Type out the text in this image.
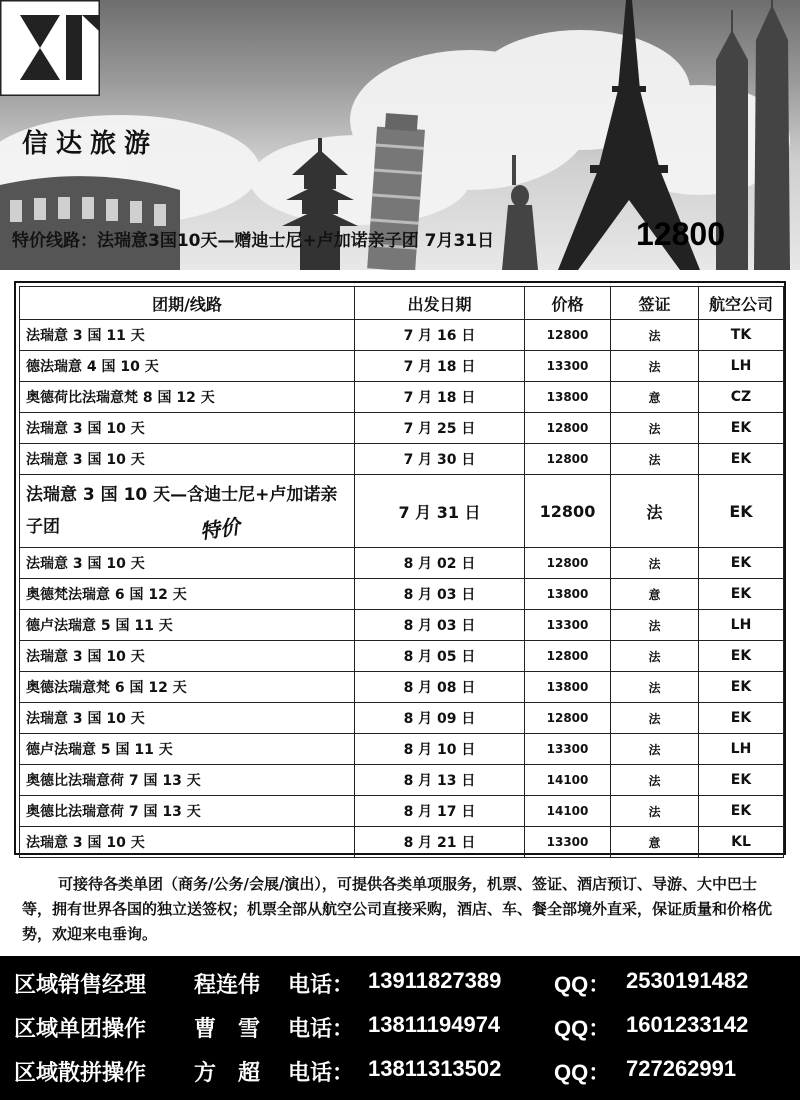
信达旅游
特价线路：法瑞意3国10天—赠迪士尼+卢加诺亲子团 7月31日	12800
团期/线路	出发日期	价格	签证	航空公司
法瑞意 3 国 11 天	7 月 16 日	12800	法	TK
德法瑞意 4 国 10 天	7 月 18 日	13300	法	LH
奥德荷比法瑞意梵 8 国 12 天	7 月 18 日	13800	意	CZ
法瑞意 3 国 10 天	7 月 25 日	12800	法	EK
法瑞意 3 国 10 天	7 月 30 日	12800	法	EK
法瑞意 3 国 10 天—含迪士尼+卢加诺亲子团 特价	7 月 31 日	12800	法	EK
法瑞意 3 国 10 天	8 月 02 日	12800	法	EK
奥德梵法瑞意 6 国 12 天	8 月 03 日	13800	意	EK
德卢法瑞意 5 国 11 天	8 月 03 日	13300	法	LH
法瑞意 3 国 10 天	8 月 05 日	12800	法	EK
奥德法瑞意梵 6 国 12 天	8 月 08 日	13800	法	EK
法瑞意 3 国 10 天	8 月 09 日	12800	法	EK
德卢法瑞意 5 国 11 天	8 月 10 日	13300	法	LH
奥德比法瑞意荷 7 国 13 天	8 月 13 日	14100	法	EK
奥德比法瑞意荷 7 国 13 天	8 月 17 日	14100	法	EK
法瑞意 3 国 10 天	8 月 21 日	13300	意	KL
可接待各类单团（商务/公务/会展/演出），可提供各类单项服务，机票、签证、酒店预订、导游、大中巴士等，拥有世界各国的独立送签权；机票全部从航空公司直接采购，酒店、车、餐全部境外直采，保证质量和价格优势，欢迎来电垂询。
区域销售经理 程连伟 电话： 13911827389 QQ： 2530191482
区域单团操作 曹　雪 电话： 13811194974 QQ： 1601233142
区域散拼操作 方　超 电话： 13811313502 QQ： 727262991
